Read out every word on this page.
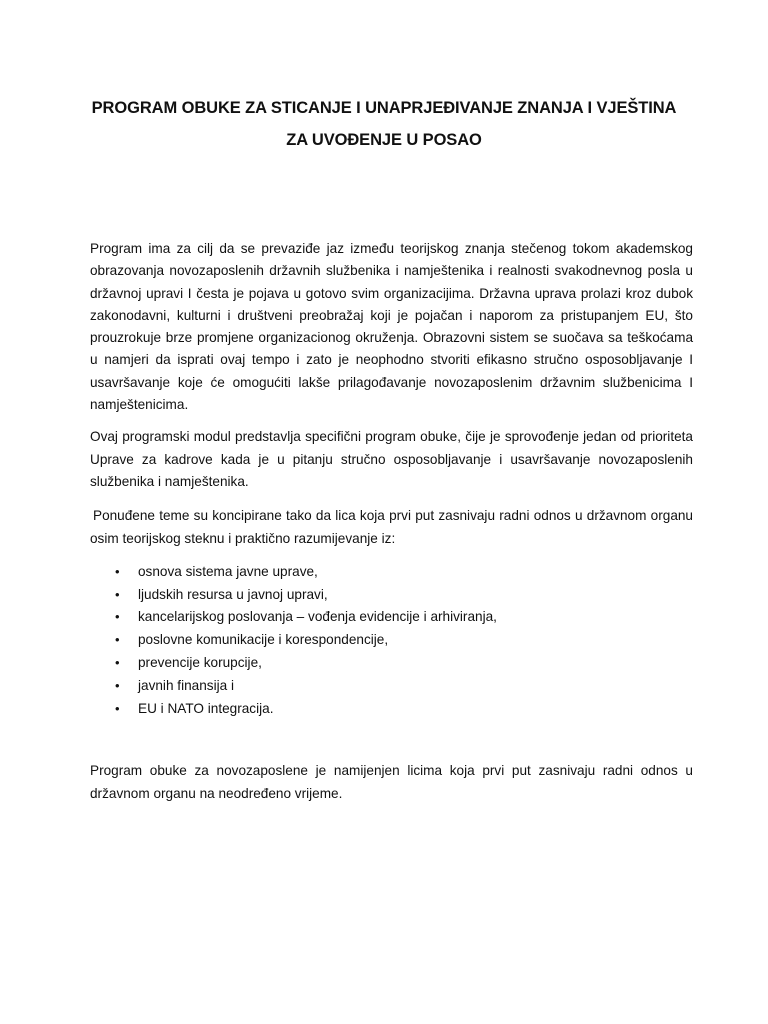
PROGRAM OBUKE ZA STICANJE I UNAPRJEĐIVANJE ZNANJA I VJEŠTINA
ZA UVOĐENJE U POSAO

Program ima za cilj da se prevaziđe jaz između teorijskog znanja stečenog tokom akademskog obrazovanja novozaposlenih državnih službenika i namještenika i realnosti svakodnevnog posla u državnoj upravi I česta je pojava u gotovo svim organizacijima. Državna uprava prolazi kroz dubok zakonodavni, kulturni i društveni preobražaj koji je pojačan i naporom za pristupanjem EU, što prouzrokuje brze promjene organizacionog okruženja. Obrazovni sistem se suočava sa teškoćama u namjeri da isprati ovaj tempo i zato je neophodno stvoriti efikasno stručno osposobljavanje I usavršavanje koje će omogućiti lakše prilagođavanje novozaposlenim državnim službenicima I namještenicima.

Ovaj programski modul predstavlja specifični program obuke, čije je sprovođenje jedan od prioriteta Uprave za kadrove kada je u pitanju stručno osposobljavanje i usavršavanje novozaposlenih službenika i namještenika.

Ponuđene teme su koncipirane tako da lica koja prvi put zasnivaju radni odnos u državnom organu osim teorijskog steknu i praktično razumijevanje iz:

• osnova sistema javne uprave,
• ljudskih resursa u javnoj upravi,
• kancelarijskog poslovanja – vođenja evidencije i arhiviranja,
• poslovne komunikacije i korespondencije,
• prevencije korupcije,
• javnih finansija i
• EU i NATO integracija.

Program obuke za novozaposlene je namijenjen licima koja prvi put zasnivaju radni odnos u državnom organu na neodređeno vrijeme.
